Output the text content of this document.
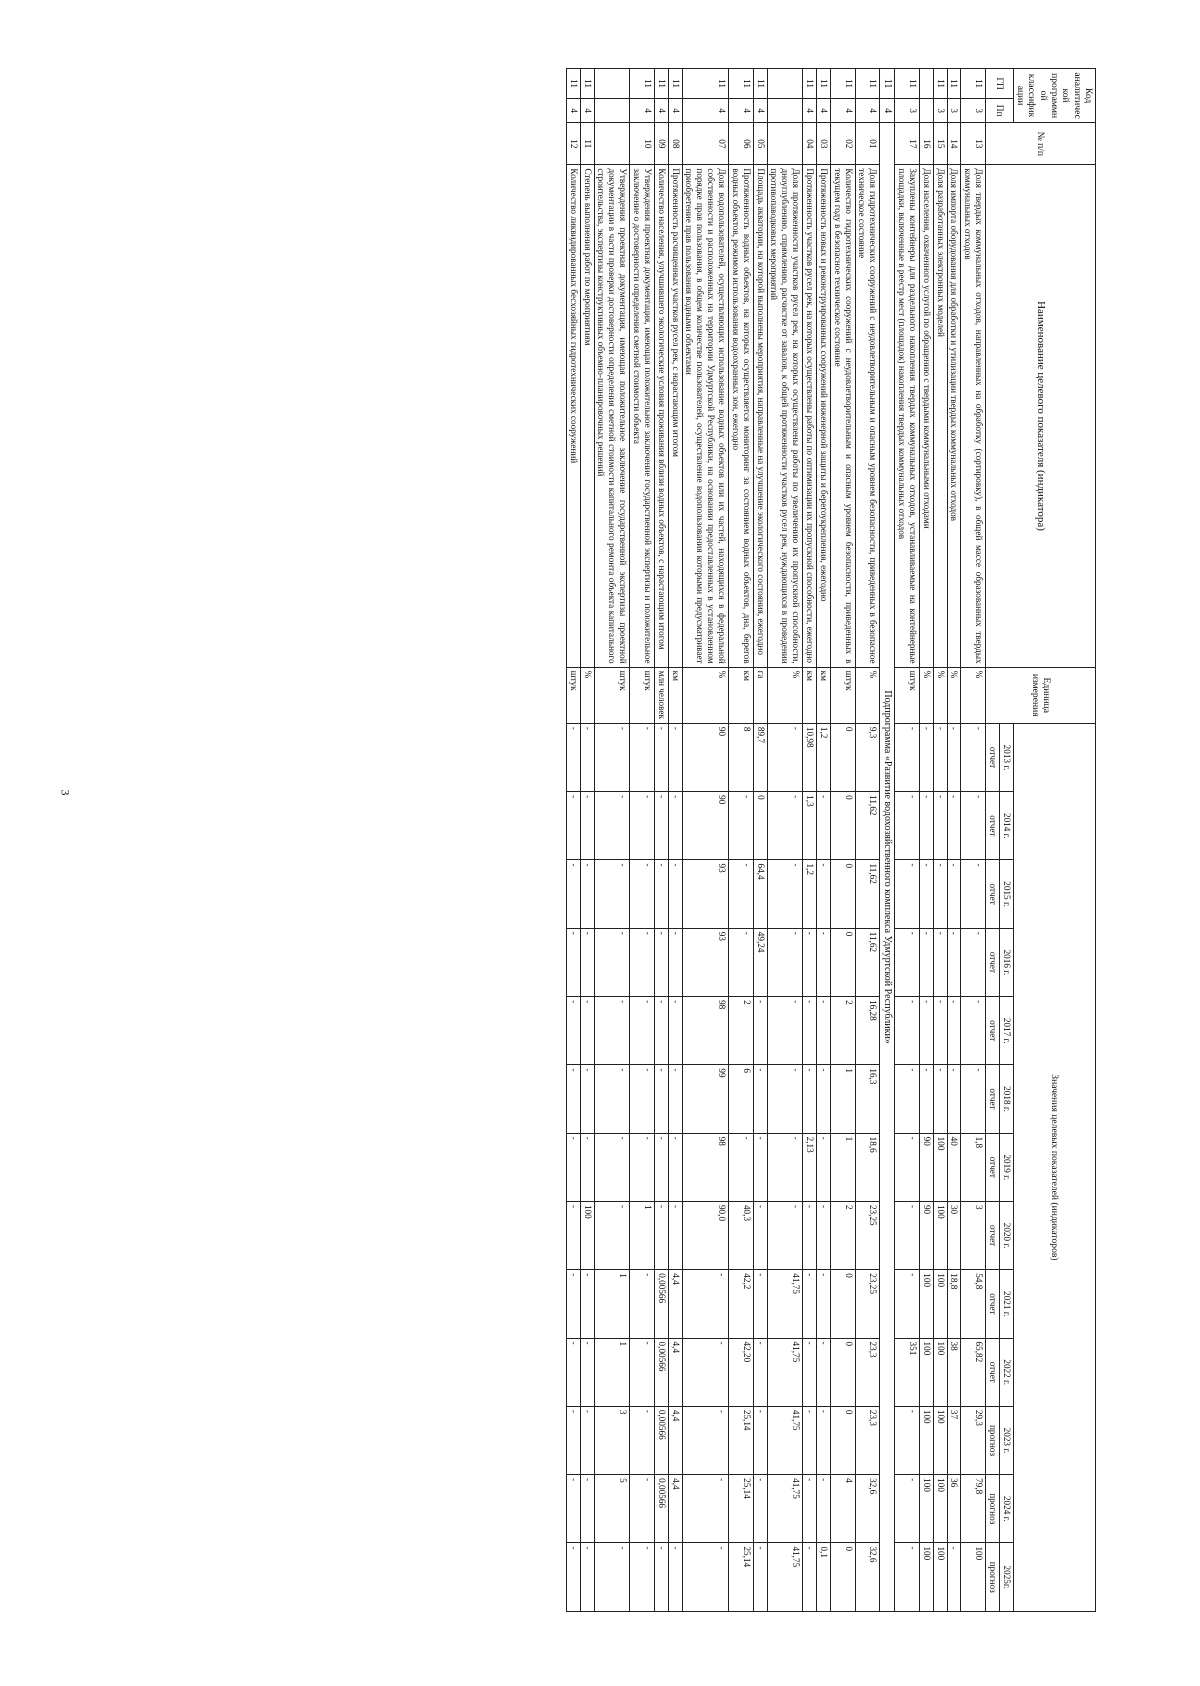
3
Код аналитической программной классификации		№ п/п	Наименование целевого показателя (индикатора)	Единица измерения	Значения целевых показателей (индикаторов)												
ГП	Пп				2013 г.	2014 г.	2015 г.	2016 г.	2017 г.	2018 г.	2019 г.	2020 г.	2021 г.	2022 г.	2023 г.	2024 г.	2025г.
					отчет	отчет	отчет	отчет	отчет	отчет	отчет	отчет	отчет	отчет	прогноз	прогноз	прогноз
11	3	13	Доля твердых коммунальных отходов, направленных на обработку (сортировку), в общей массе образованных твердых коммунальных отходов	%	-	-	-	-	-	-	1,8	3	54,8	65,82	29,3	79,8	100
11	3	14	Доля импорта оборудования для обработки и утилизации твердых коммунальных отходов	%	-	-	-	-	-	-	40	30	18,8	38	37	36	-
11	3	15	Доля разработанных электронных моделей	%	-	-	-	-	-	-	100	100	100	100	100	100	100
		16	Доля населения, охваченного услугой по обращению с твердыми коммунальными отходами	%	-	-	-	-	-	-	90	90	100	100	100	100	100
11	3	17	Закуплены контейнеры для раздельного накопления твердых коммунальных отходов, устанавливаемые на контейнерные площадки, включенные в реестр мест (площадок) накопления твердых коммунальных отходов	штук	-	-	-	-	-	-	-	-	-	351	-	-	-
11	4	Подпрограмма «Развитие водохозяйственного комплекса Удмуртской Республики»															
11	4	01	Доля гидротехнических сооружений с неудовлетворительным и опасным уровнем безопасности, приведенных в безопасное техническое состояние	%	9,3	11,62	11,62	11,62	16,28	16,3	18,6	23,25	23,25	23,3	23,3	32,6	32,6
11	4	02	Количество гидротехнических сооружений с неудовлетворительным и опасным уровнем безопасности, приведенных в текущем году в безопасное техническое состояние	штук	0	0	0	0	2	1	1	2	0	0	0	4	0
11	4	03	Протяженность новых и реконструированных сооружений инженерной защиты и берегоукрепления, ежегодно	км	1,2	-	-	-	-	-	-	-	-	-	-	-	0,1
11	4	04	Протяженность участков русел рек, на которых осуществлены работы по оптимизации их пропускной способности, ежегодно	км	10,98	1,3	1,2	-	-	-	2,13	-	-	-	-	-	-
			Доля протяженности участков русел рек, на которых осуществлены работы по увеличению их пропускной способности, дноуглублению, спрямлению, расчистке от завалов, к общей протяженности участков русел рек, нуждающихся в проведении противопаводковых мероприятий	%	-	-	-	-	-	-	-	-	41,75	41,75	41,75	41,75	41,75
11	4	05	Площадь акватории, на которой выполнены мероприятия, направленные на улучшение экологического состояния, ежегодно	га	89,7	0	64,4	49,24	-	-	-	-	-	-	-	-	-
11	4	06	Протяженность водных объектов, на которых осуществляется мониторинг за состоянием водных объектов, дна, берегов водных объектов, режимом использования водоохранных зон, ежегодно	км	8	-	-	-	2	6	-	40,3	42,2	42,20	25,14	25,14	25,14
11	4	07	Доля водопользователей, осуществляющих использование водных объектов или их частей, находящихся в федеральной собственности и расположенных на территории Удмуртской Республики, на основании предоставленных в установленном порядке прав пользования, в общем количестве пользователей, осуществление водопользования которыми предусматривает приобретение прав пользования водными объектами	%	90	90	93	93	98	99	98	90,0	-	-	-	-	-
11	4	08	Протяженность расчищенных участков русел рек, с нарастающим итогом	км	-	-	-	-	-	-	-	-	4,4	4,4	4,4	4,4	-
11	4	09	Количество населения, улучшившего экологические условия проживания вблизи водных объектов, с нарастающим итогом	млн человек	-	-	-	-	-	-	-	-	0,00566	0,00566	0,00566	0,00566	-
11	4	10	Утверждения проектная документация, имеющая положительное заключение государственной экспертизы и положительное заключение о достоверности определения сметной стоимости объекта	штук	-	-	-	-	-	-	-	1	-	-	-	-	-
			Утверждения проектная документация, имеющая положительное заключение государственной экспертизы проектной документации в части проверки достоверности определения сметной стоимости капитального ремонта объекта капитального строительства, экспертизы конструктивных объемно-планировочных решений	штук	-	-	-	-	-	-	-	-	1	1	3	5	-
11	4	11	Степень выполнения работ по мероприятиям	%	-	-	-	-	-	-	-	100	-	-	-	-	-
11	4	12	Количество ликвидированных бесхозяйных гидротехнических сооружений	штук	-	-	-	-	-	-	-	-	-	-	-	-	-
